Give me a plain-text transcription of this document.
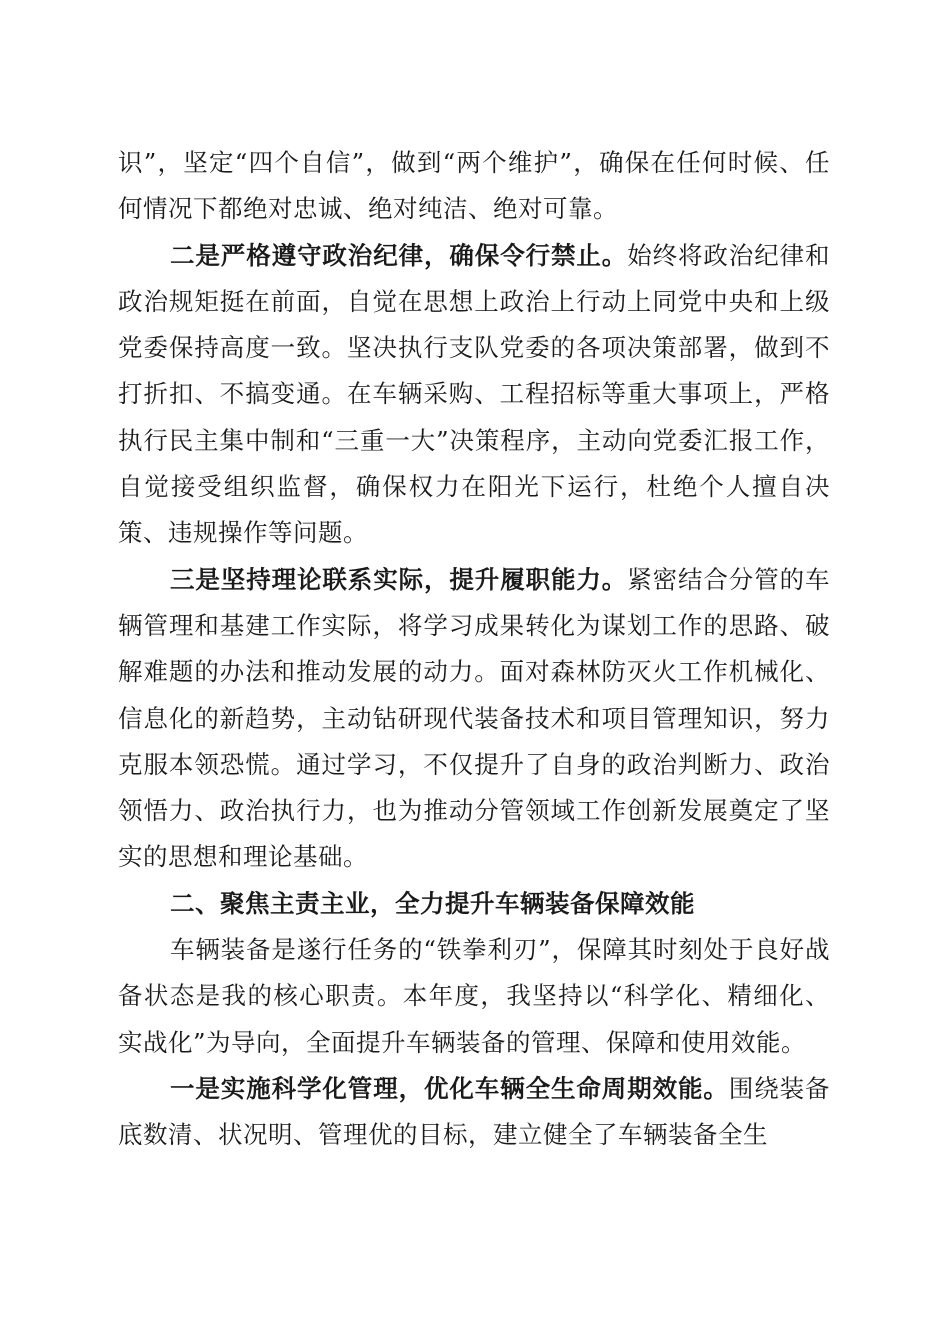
识”，坚定“四个自信”，做到“两个维护”，确保在任何时候、任何情况下都绝对忠诚、绝对纯洁、绝对可靠。

二是严格遵守政治纪律，确保令行禁止。始终将政治纪律和政治规矩挺在前面，自觉在思想上政治上行动上同党中央和上级党委保持高度一致。坚决执行支队党委的各项决策部署，做到不打折扣、不搞变通。在车辆采购、工程招标等重大事项上，严格执行民主集中制和“三重一大”决策程序，主动向党委汇报工作，自觉接受组织监督，确保权力在阳光下运行，杜绝个人擅自决策、违规操作等问题。

三是坚持理论联系实际，提升履职能力。紧密结合分管的车辆管理和基建工作实际，将学习成果转化为谋划工作的思路、破解难题的办法和推动发展的动力。面对森林防灭火工作机械化、信息化的新趋势，主动钻研现代装备技术和项目管理知识，努力克服本领恐慌。通过学习，不仅提升了自身的政治判断力、政治领悟力、政治执行力，也为推动分管领域工作创新发展奠定了坚实的思想和理论基础。

二、聚焦主责主业，全力提升车辆装备保障效能

车辆装备是遂行任务的“铁拳利刃”，保障其时刻处于良好战备状态是我的核心职责。本年度，我坚持以“科学化、精细化、实战化”为导向，全面提升车辆装备的管理、保障和使用效能。

一是实施科学化管理，优化车辆全生命周期效能。围绕装备底数清、状况明、管理优的目标，建立健全了车辆装备全生
